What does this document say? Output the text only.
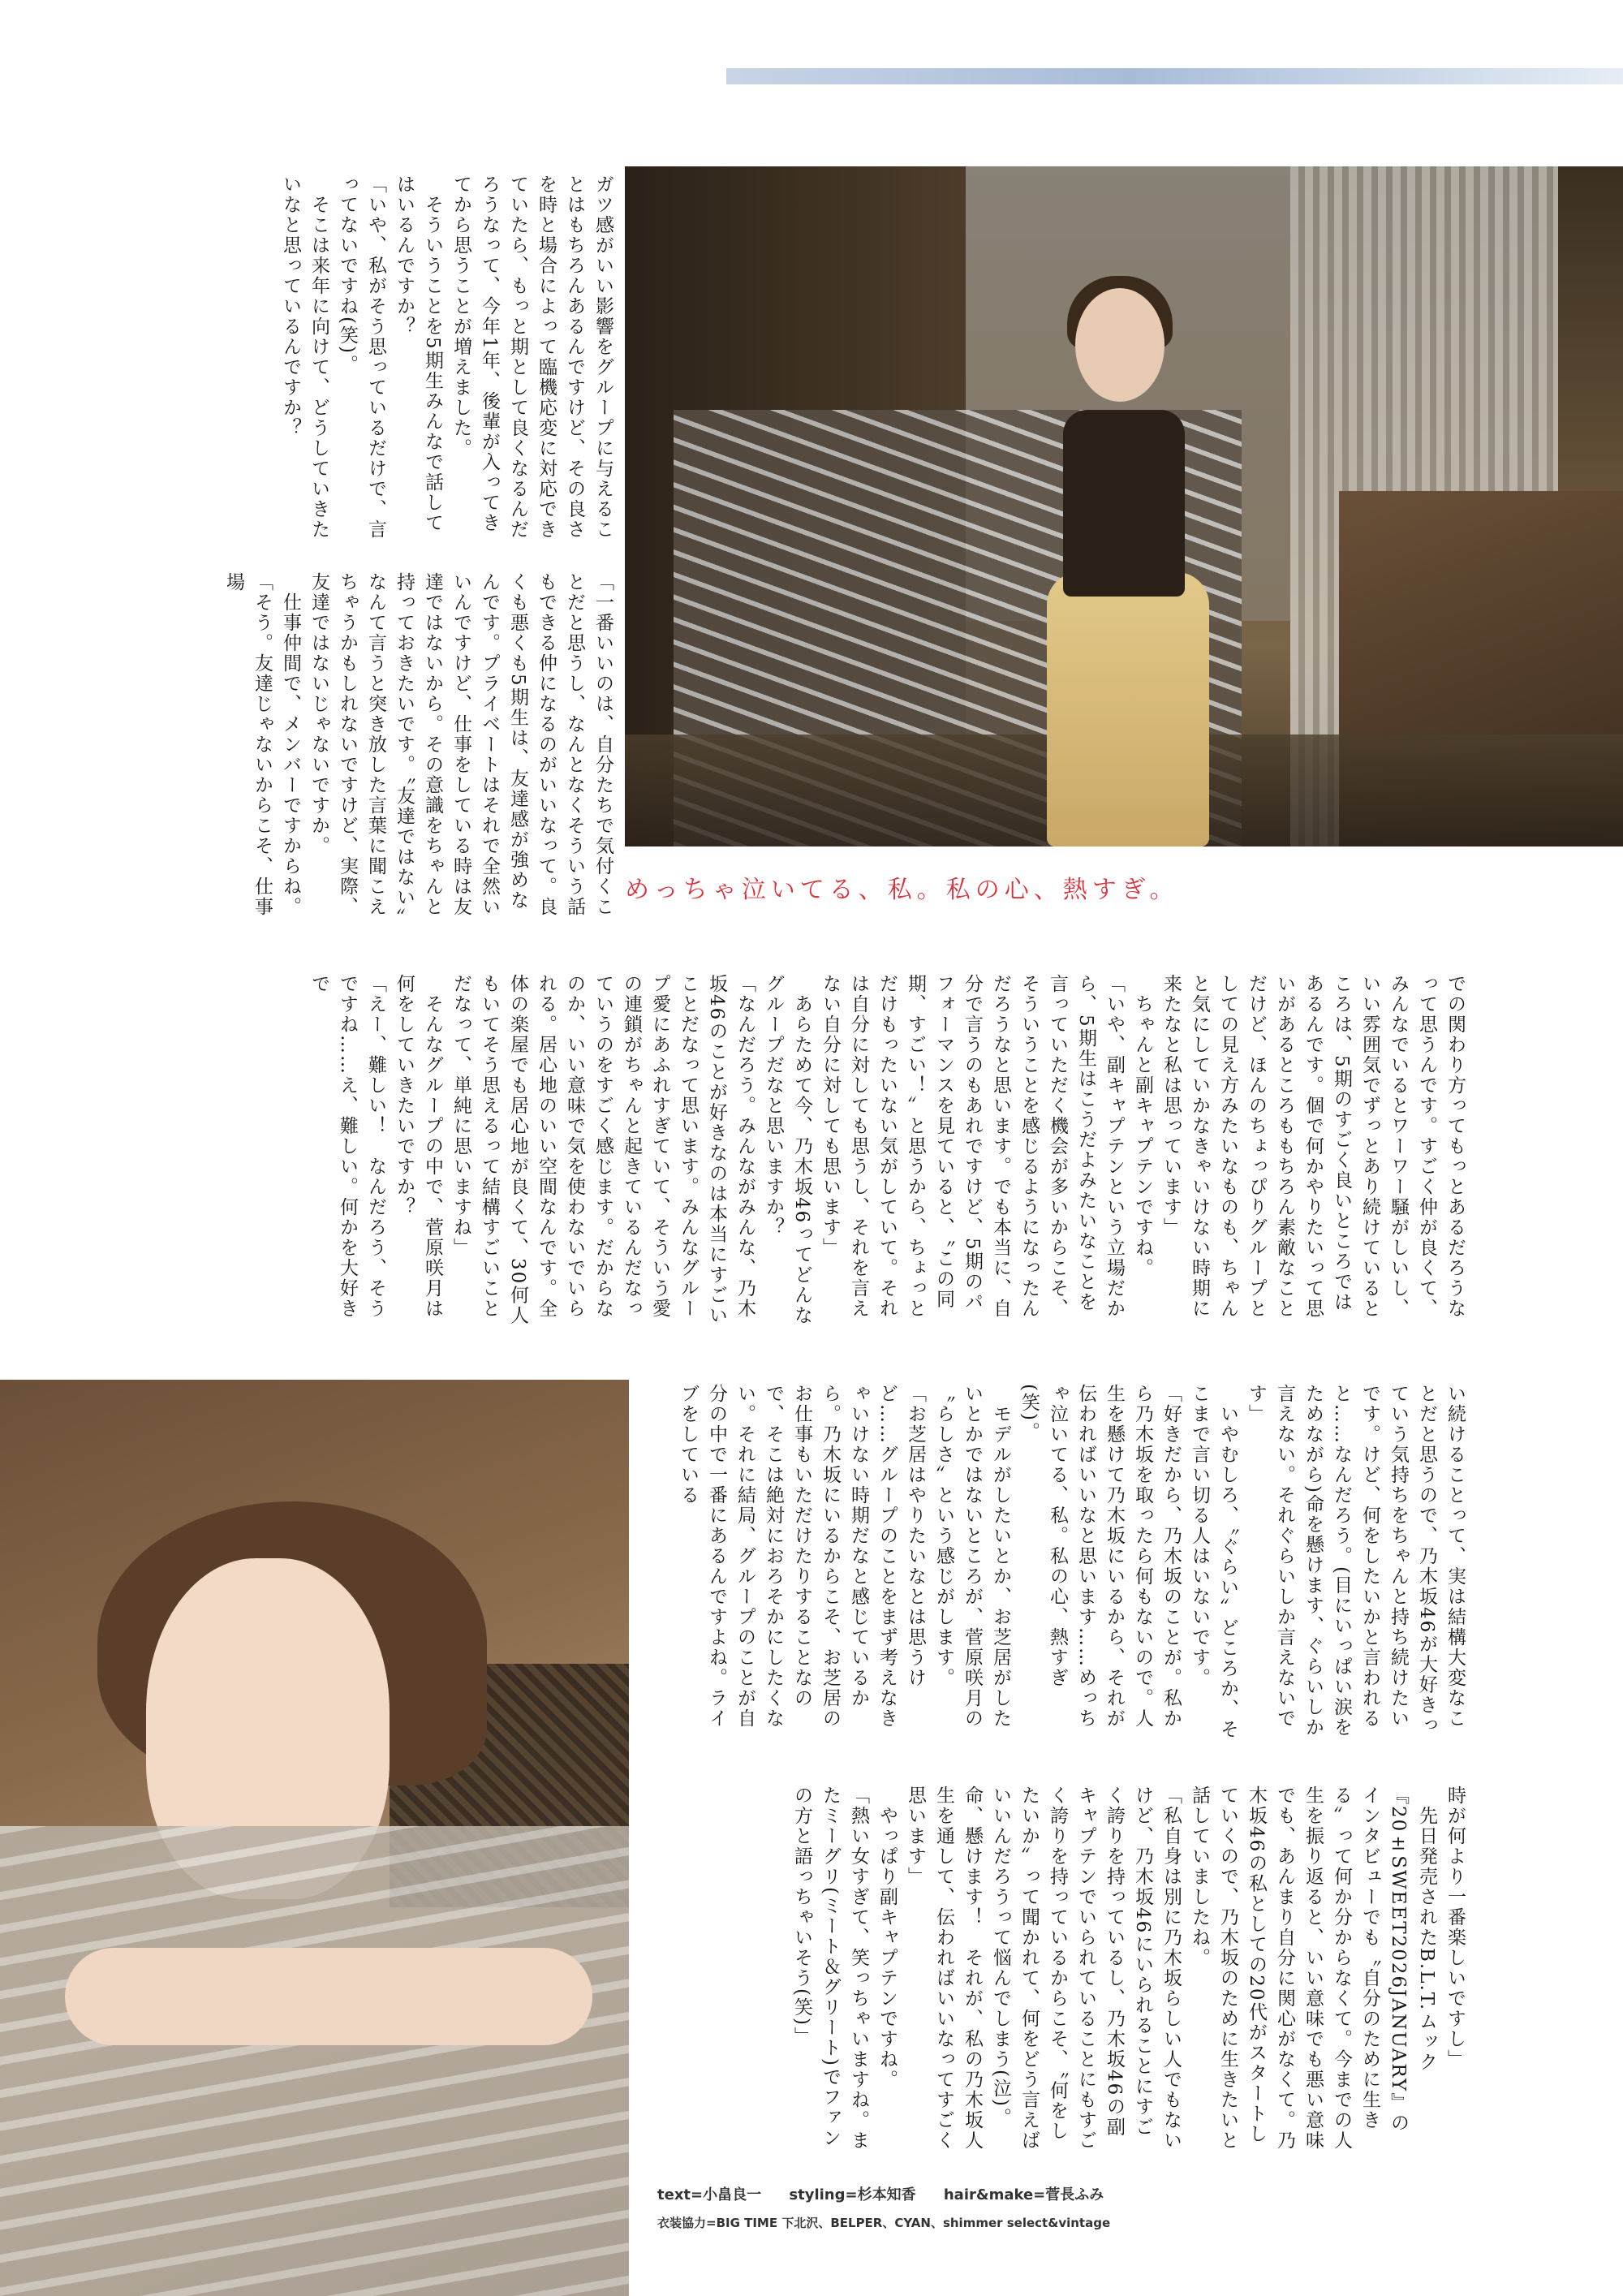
めっちゃ泣いてる、私。私の心、熱すぎ。
ガツ感がいい影響をグループに与えることはもちろんあるんですけど、その良さを時と場合によって臨機応変に対応できていたら、もっと期として良くなるんだろうなって、今年1年、後輩が入ってきてから思うことが増えました。
　そういうことを5期生みんなで話してはいるんですか？
「いや、私がそう思っているだけで、言ってないですね(笑)。
　そこは来年に向けて、どうしていきたいなと思っているんですか？
「一番いいのは、自分たちで気付くことだと思うし、なんとなくそういう話もできる仲になるのがいいなって。良くも悪くも5期生は、友達感が強めなんです。プライベートはそれで全然いいんですけど、仕事をしている時は友達ではないから。その意識をちゃんと持っておきたいです。〝友達ではない〟なんて言うと突き放した言葉に聞こえちゃうかもしれないですけど、実際、友達ではないじゃないですか。
　仕事仲間で、メンバーですからね。
「そう。友達じゃないからこそ、仕事場
での関わり方ってもっとあるだろうなって思うんです。すごく仲が良くて、みんなでいるとワーワー騒がしいし、いい雰囲気でずっとあり続けているところは、5期のすごく良いところではあるんです。個で何かやりたいって思いがあるところももちろん素敵なことだけど、ほんのちょっぴりグループとしての見え方みたいなものも、ちゃんと気にしていかなきゃいけない時期に来たなと私は思っています」
　ちゃんと副キャプテンですね。
「いや、副キャプテンという立場だから、5期生はこうだよみたいなことを言っていただく機会が多いからこそ、そういうことを感じるようになったんだろうなと思います。でも本当に、自分で言うのもあれですけど、5期のパフォーマンスを見ていると、〝この同期、すごい！〟と思うから、ちょっとだけもったいない気がしていて。それは自分に対しても思うし、それを言えない自分に対しても思います」
　あらためて今、乃木坂46ってどんなグループだなと思いますか？
「なんだろう。みんながみんな、乃木坂46のことが好きなのは本当にすごいことだなって思います。みんなグループ愛にあふれすぎていて、そういう愛の連鎖がちゃんと起きているんだなっていうのをすごく感じます。だからなのか、いい意味で気を使わないでいられる。居心地のいい空間なんです。全体の楽屋でも居心地が良くて、30何人もいてそう思えるって結構すごいことだなって、単純に思いますね」
　そんなグループの中で、菅原咲月は何をしていきたいですか？
「えー、難しい！　なんだろう、そうですね……え、難しい。何かを大好きで
い続けることって、実は結構大変なことだと思うので、乃木坂46が大好きっていう気持ちをちゃんと持ち続けたいです。けど、何をしたいかと言われると……なんだろう。(目にいっぱい涙をためながら)命を懸けます、ぐらいしか言えない。それぐらいしか言えないです」
　いやむしろ、〝ぐらい〟どころか、そこまで言い切る人はいないです。
「好きだから、乃木坂のことが。私から乃木坂を取ったら何もないので。人生を懸けて乃木坂にいるから、それが伝わればいいなと思います……めっちゃ泣いてる、私。私の心、熱すぎ(笑)。
　モデルがしたいとか、お芝居がしたいとかではないところが、菅原咲月の〝らしさ〟という感じがします。
「お芝居はやりたいなとは思うけど……グループのことをまず考えなきゃいけない時期だなと感じているから。乃木坂にいるからこそ、お芝居のお仕事もいただけたりすることなので、そこは絶対におろそかにしたくない。それに結局、グループのことが自分の中で一番にあるんですよね。ライブをしている
時が何より一番楽しいですし」
　先日発売されたB.L.T.ムック『20±SWEET2026JANUARY』のインタビューでも〝自分のために生きる〟って何か分からなくて。今までの人生を振り返ると、いい意味でも悪い意味でも、あんまり自分に関心がなくて。乃木坂46の私としての20代がスタートしていくので、乃木坂のために生きたいと話していましたね。
「私自身は別に乃木坂らしい人でもないけど、乃木坂46にいられることにすごく誇りを持っているし、乃木坂46の副キャプテンでいられていることにもすごく誇りを持っているからこそ、〝何をしたいか〟って聞かれて、何をどう言えばいいんだろうって悩んでしまう(泣)。命、懸けます！　それが、私の乃木坂人生を通して、伝わればいいなってすごく思います」
　やっぱり副キャプテンですね。
「熱い女すぎて、笑っちゃいますね。またミーグリ(ミート＆グリート)でファンの方と語っちゃいそう(笑)」
text=小畠良一 styling=杉本知香 hair&make=菅長ふみ
衣装協力=BIG TIME 下北沢、BELPER、CYAN、shimmer select&vintage
